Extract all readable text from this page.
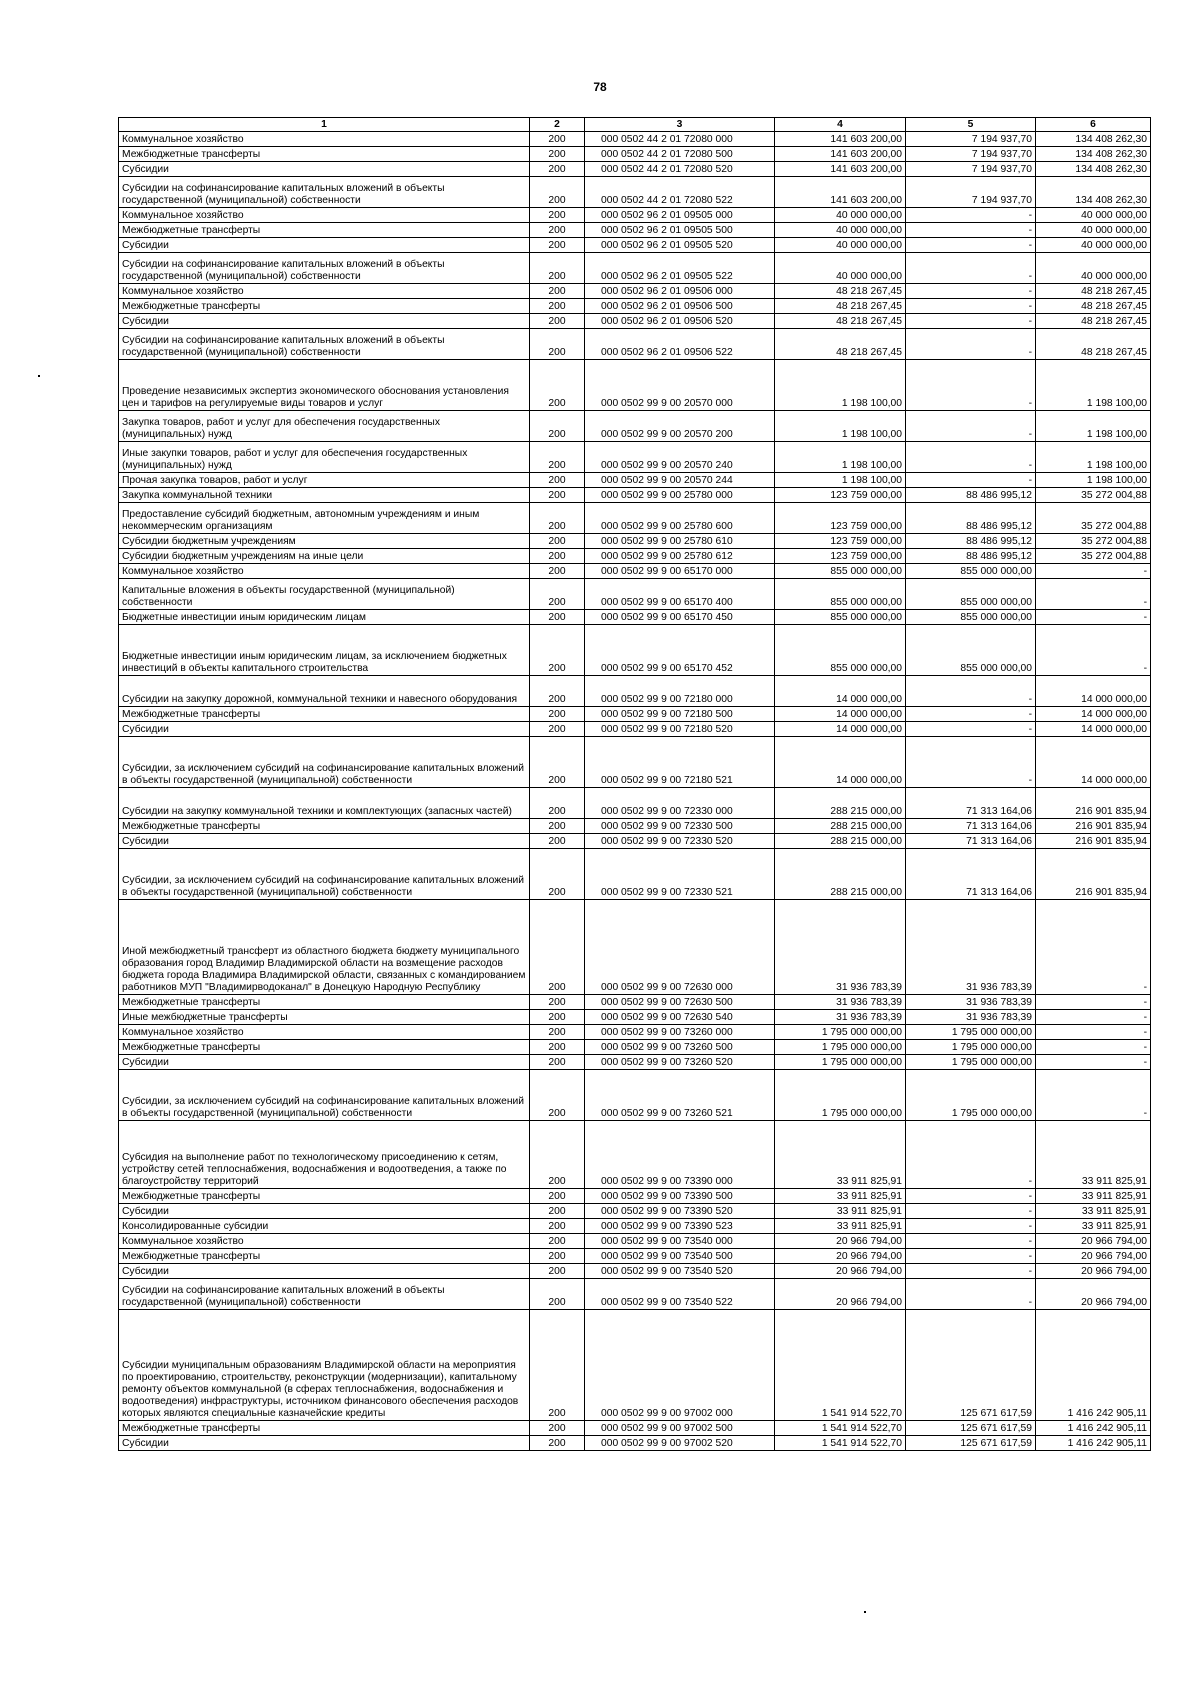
78
1	2	3	4	5	6
Коммунальное хозяйство	200	000 0502 44 2 01 72080 000	141 603 200,00	7 194 937,70	134 408 262,30
Межбюджетные трансферты	200	000 0502 44 2 01 72080 500	141 603 200,00	7 194 937,70	134 408 262,30
Субсидии	200	000 0502 44 2 01 72080 520	141 603 200,00	7 194 937,70	134 408 262,30
Субсидии на софинансирование капитальных вложений в объекты государственной (муниципальной) собственности	200	000 0502 44 2 01 72080 522	141 603 200,00	7 194 937,70	134 408 262,30
Коммунальное хозяйство	200	000 0502 96 2 01 09505 000	40 000 000,00	-	40 000 000,00
Межбюджетные трансферты	200	000 0502 96 2 01 09505 500	40 000 000,00	-	40 000 000,00
Субсидии	200	000 0502 96 2 01 09505 520	40 000 000,00	-	40 000 000,00
Субсидии на софинансирование капитальных вложений в объекты государственной (муниципальной) собственности	200	000 0502 96 2 01 09505 522	40 000 000,00	-	40 000 000,00
Коммунальное хозяйство	200	000 0502 96 2 01 09506 000	48 218 267,45	-	48 218 267,45
Межбюджетные трансферты	200	000 0502 96 2 01 09506 500	48 218 267,45	-	48 218 267,45
Субсидии	200	000 0502 96 2 01 09506 520	48 218 267,45	-	48 218 267,45
Субсидии на софинансирование капитальных вложений в объекты государственной (муниципальной) собственности	200	000 0502 96 2 01 09506 522	48 218 267,45	-	48 218 267,45
Проведение независимых экспертиз экономического обоснования установления цен и тарифов на регулируемые виды товаров и услуг	200	000 0502 99 9 00 20570 000	1 198 100,00	-	1 198 100,00
Закупка товаров, работ и услуг для обеспечения государственных (муниципальных) нужд	200	000 0502 99 9 00 20570 200	1 198 100,00	-	1 198 100,00
Иные закупки товаров, работ и услуг для обеспечения государственных (муниципальных) нужд	200	000 0502 99 9 00 20570 240	1 198 100,00	-	1 198 100,00
Прочая закупка товаров, работ и услуг	200	000 0502 99 9 00 20570 244	1 198 100,00	-	1 198 100,00
Закупка коммунальной техники	200	000 0502 99 9 00 25780 000	123 759 000,00	88 486 995,12	35 272 004,88
Предоставление субсидий бюджетным, автономным учреждениям и иным некоммерческим организациям	200	000 0502 99 9 00 25780 600	123 759 000,00	88 486 995,12	35 272 004,88
Субсидии бюджетным учреждениям	200	000 0502 99 9 00 25780 610	123 759 000,00	88 486 995,12	35 272 004,88
Субсидии бюджетным учреждениям на иные цели	200	000 0502 99 9 00 25780 612	123 759 000,00	88 486 995,12	35 272 004,88
Коммунальное хозяйство	200	000 0502 99 9 00 65170 000	855 000 000,00	855 000 000,00	-
Капитальные вложения в объекты государственной (муниципальной) собственности	200	000 0502 99 9 00 65170 400	855 000 000,00	855 000 000,00	-
Бюджетные инвестиции иным юридическим лицам	200	000 0502 99 9 00 65170 450	855 000 000,00	855 000 000,00	-
Бюджетные инвестиции иным юридическим лицам, за исключением бюджетных инвестиций в объекты капитального строительства	200	000 0502 99 9 00 65170 452	855 000 000,00	855 000 000,00	-
Субсидии на закупку дорожной, коммунальной техники и навесного оборудования	200	000 0502 99 9 00 72180 000	14 000 000,00	-	14 000 000,00
Межбюджетные трансферты	200	000 0502 99 9 00 72180 500	14 000 000,00	-	14 000 000,00
Субсидии	200	000 0502 99 9 00 72180 520	14 000 000,00	-	14 000 000,00
Субсидии, за исключением субсидий на софинансирование капитальных вложений в объекты государственной (муниципальной) собственности	200	000 0502 99 9 00 72180 521	14 000 000,00	-	14 000 000,00
Субсидии на закупку коммунальной техники и комплектующих (запасных частей)	200	000 0502 99 9 00 72330 000	288 215 000,00	71 313 164,06	216 901 835,94
Межбюджетные трансферты	200	000 0502 99 9 00 72330 500	288 215 000,00	71 313 164,06	216 901 835,94
Субсидии	200	000 0502 99 9 00 72330 520	288 215 000,00	71 313 164,06	216 901 835,94
Субсидии, за исключением субсидий на софинансирование капитальных вложений в объекты государственной (муниципальной) собственности	200	000 0502 99 9 00 72330 521	288 215 000,00	71 313 164,06	216 901 835,94
Иной межбюджетный трансферт из областного бюджета бюджету муниципального образования город Владимир Владимирской области на возмещение расходов бюджета города Владимира Владимирской области, связанных с командированием работников МУП "Владимирводоканал" в Донецкую Народную Республику	200	000 0502 99 9 00 72630 000	31 936 783,39	31 936 783,39	-
Межбюджетные трансферты	200	000 0502 99 9 00 72630 500	31 936 783,39	31 936 783,39	-
Иные межбюджетные трансферты	200	000 0502 99 9 00 72630 540	31 936 783,39	31 936 783,39	-
Коммунальное хозяйство	200	000 0502 99 9 00 73260 000	1 795 000 000,00	1 795 000 000,00	-
Межбюджетные трансферты	200	000 0502 99 9 00 73260 500	1 795 000 000,00	1 795 000 000,00	-
Субсидии	200	000 0502 99 9 00 73260 520	1 795 000 000,00	1 795 000 000,00	-
Субсидии, за исключением субсидий на софинансирование капитальных вложений в объекты государственной (муниципальной) собственности	200	000 0502 99 9 00 73260 521	1 795 000 000,00	1 795 000 000,00	-
Субсидия на выполнение работ по технологическому присоединению к сетям, устройству сетей теплоснабжения, водоснабжения и водоотведения, а также по благоустройству территорий	200	000 0502 99 9 00 73390 000	33 911 825,91	-	33 911 825,91
Межбюджетные трансферты	200	000 0502 99 9 00 73390 500	33 911 825,91	-	33 911 825,91
Субсидии	200	000 0502 99 9 00 73390 520	33 911 825,91	-	33 911 825,91
Консолидированные субсидии	200	000 0502 99 9 00 73390 523	33 911 825,91	-	33 911 825,91
Коммунальное хозяйство	200	000 0502 99 9 00 73540 000	20 966 794,00	-	20 966 794,00
Межбюджетные трансферты	200	000 0502 99 9 00 73540 500	20 966 794,00	-	20 966 794,00
Субсидии	200	000 0502 99 9 00 73540 520	20 966 794,00	-	20 966 794,00
Субсидии на софинансирование капитальных вложений в объекты государственной (муниципальной) собственности	200	000 0502 99 9 00 73540 522	20 966 794,00	-	20 966 794,00
Субсидии муниципальным образованиям Владимирской области на мероприятия по проектированию, строительству, реконструкции (модернизации), капитальному ремонту объектов коммунальной (в сферах теплоснабжения, водоснабжения и водоотведения) инфраструктуры, источником финансового обеспечения расходов которых являются специальные казначейские кредиты	200	000 0502 99 9 00 97002 000	1 541 914 522,70	125 671 617,59	1 416 242 905,11
Межбюджетные трансферты	200	000 0502 99 9 00 97002 500	1 541 914 522,70	125 671 617,59	1 416 242 905,11
Субсидии	200	000 0502 99 9 00 97002 520	1 541 914 522,70	125 671 617,59	1 416 242 905,11
